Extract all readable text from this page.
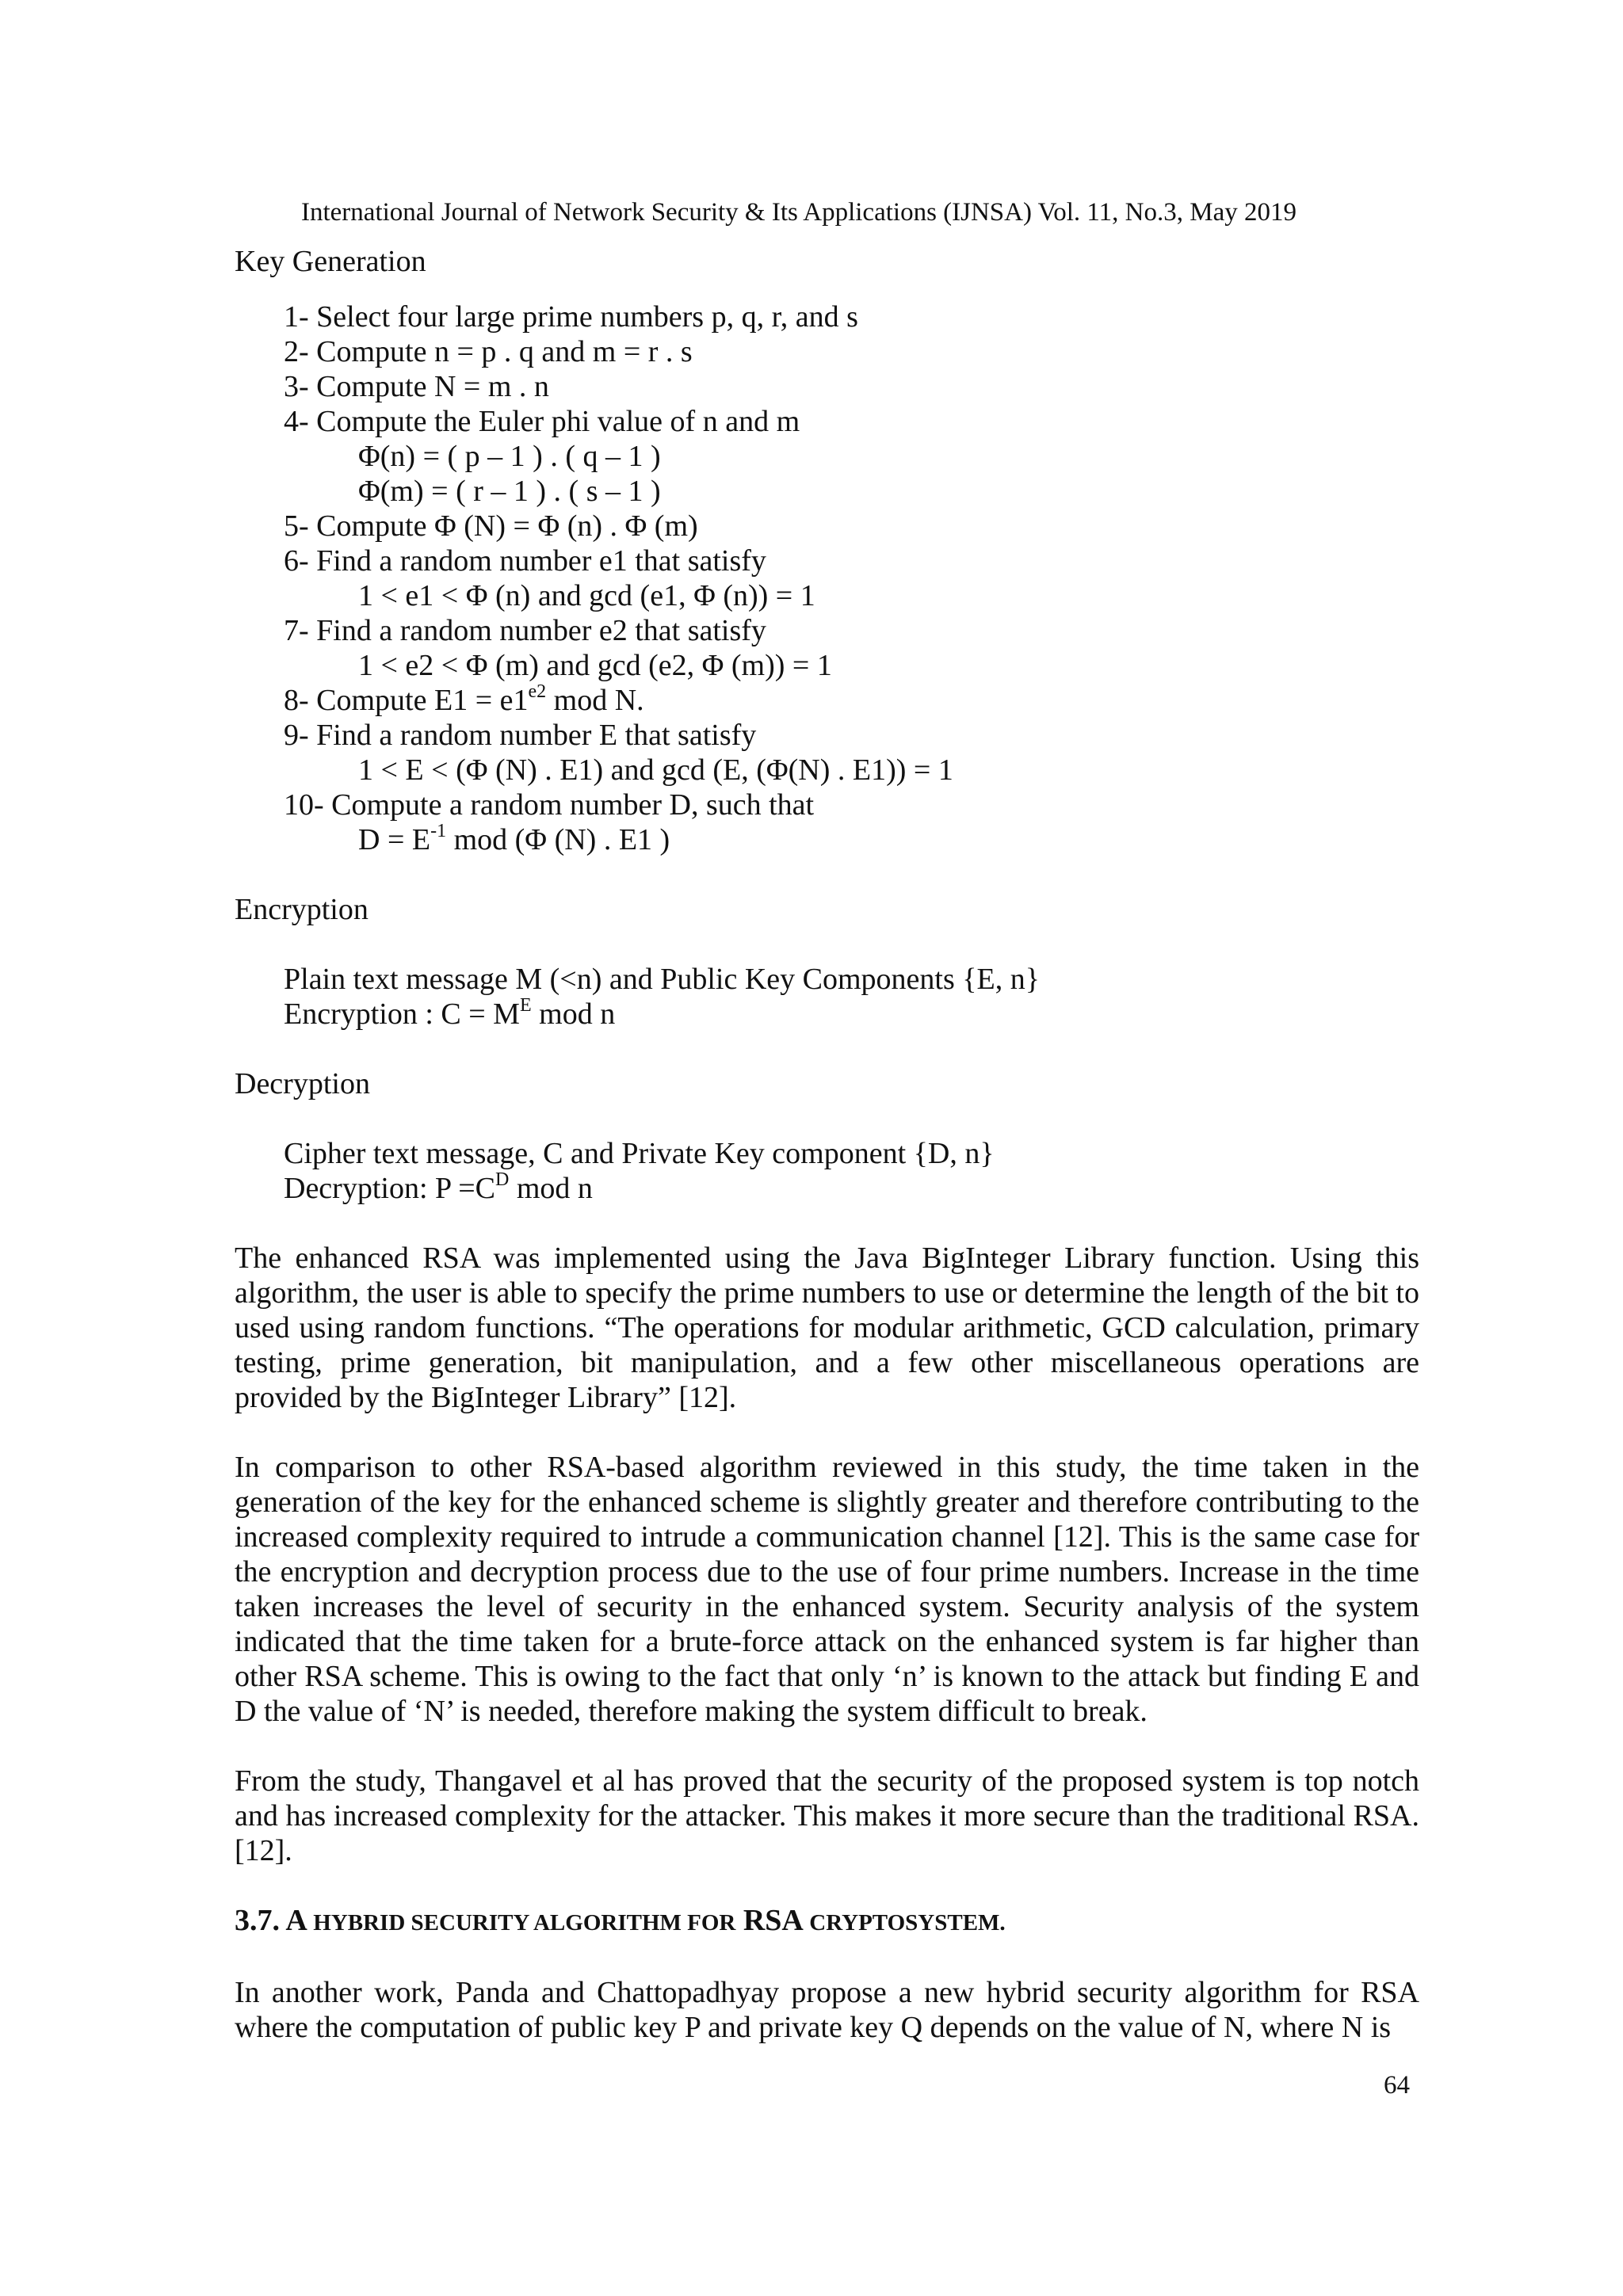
International Journal of Network Security & Its Applications (IJNSA) Vol. 11, No.3, May 2019

Key Generation

1- Select four large prime numbers p, q, r, and s

2- Compute n = p . q and m = r . s

3- Compute N = m . n

4- Compute the Euler phi value of n and m

Φ(n) = ( p – 1 ) . ( q – 1 )

Φ(m) = ( r – 1 ) . ( s – 1 )

5- Compute Φ (N) = Φ (n) . Φ (m)

6- Find a random number e1 that satisfy

1 < e1 < Φ (n) and gcd (e1, Φ (n)) = 1

7- Find a random number e2 that satisfy

1 < e2 < Φ (m) and gcd (e2, Φ (m)) = 1

8- Compute $E1 = e1^{e2}$ mod N.

9- Find a random number E that satisfy

1 < E < (Φ (N) . E1) and gcd (E, (Φ(N) . E1)) = 1

10- Compute a random number D, such that

$D = E^{-1}$ mod (Φ (N) . E1 )

Encryption

Plain text message M (<n) and Public Key Components {E, n}

Encryption : $C = M^E$ mod n

Decryption

Cipher text message, C and Private Key component {D, n}

Decryption: $P =C^D$ mod n

The enhanced RSA was implemented using the Java BigInteger Library function. Using this algorithm, the user is able to specify the prime numbers to use or determine the length of the bit to used using random functions. “The operations for modular arithmetic, GCD calculation, primary testing, prime generation, bit manipulation, and a few other miscellaneous operations are provided by the BigInteger Library” [12].

In comparison to other RSA-based algorithm reviewed in this study, the time taken in the generation of the key for the enhanced scheme is slightly greater and therefore contributing to the increased complexity required to intrude a communication channel [12]. This is the same case for the encryption and decryption process due to the use of four prime numbers. Increase in the time taken increases the level of security in the enhanced system. Security analysis of the system indicated that the time taken for a brute-force attack on the enhanced system is far higher than other RSA scheme. This is owing to the fact that only ‘n’ is known to the attack but finding E and D the value of ‘N’ is needed, therefore making the system difficult to break.

From the study, Thangavel et al has proved that the security of the proposed system is top notch and has increased complexity for the attacker. This makes it more secure than the traditional RSA. [12].

3.7. A HYBRID SECURITY ALGORITHM FOR RSA CRYPTOSYSTEM.

In another work, Panda and Chattopadhyay propose a new hybrid security algorithm for RSA where the computation of public key P and private key Q depends on the value of N, where N is

64
